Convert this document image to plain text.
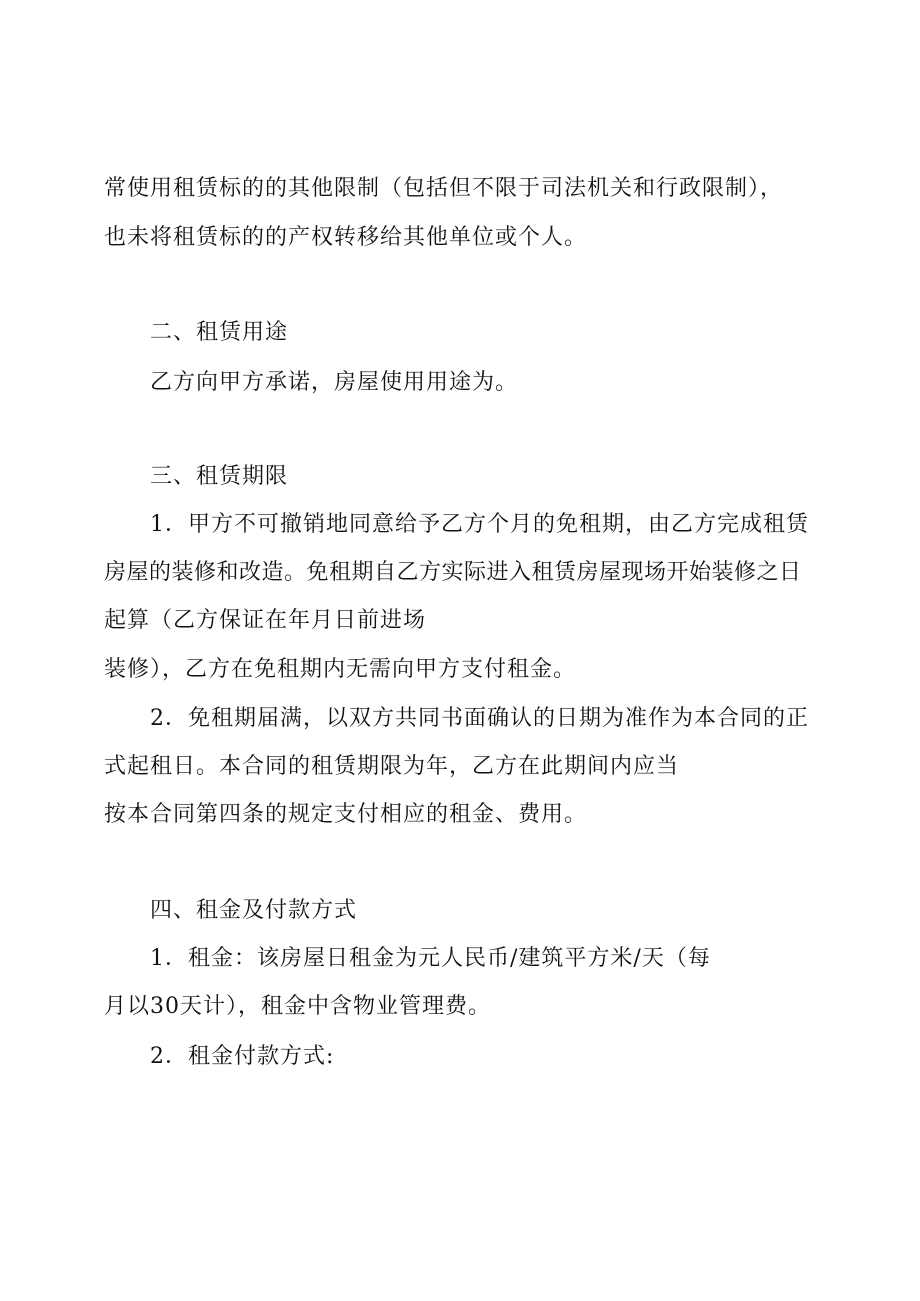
常使用租赁标的的其他限制（包括但不限于司法机关和行政限制），
也未将租赁标的的产权转移给其他单位或个人。
二、租赁用途
乙方向甲方承诺，房屋使用用途为。
三、租赁期限
1．甲方不可撤销地同意给予乙方个月的免租期，由乙方完成租赁
房屋的装修和改造。免租期自乙方实际进入租赁房屋现场开始装修之日
起算（乙方保证在年月日前进场
装修），乙方在免租期内无需向甲方支付租金。
2．免租期届满，以双方共同书面确认的日期为准作为本合同的正
式起租日。本合同的租赁期限为年，乙方在此期间内应当
按本合同第四条的规定支付相应的租金、费用。
四、租金及付款方式
1．租金：该房屋日租金为元人民币/建筑平方米/天（每
月以30天计），租金中含物业管理费。
2．租金付款方式:
